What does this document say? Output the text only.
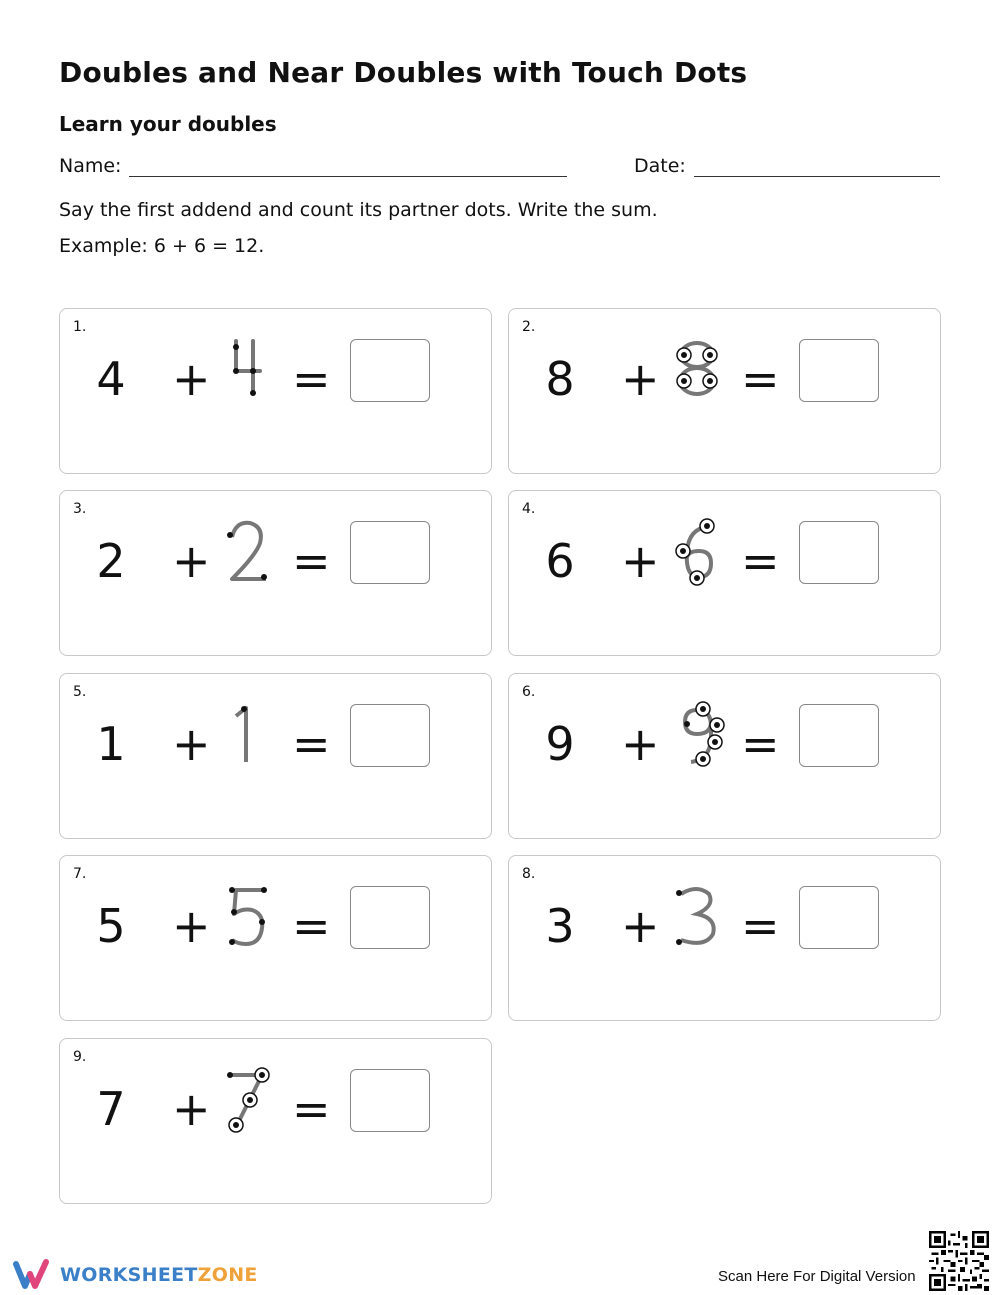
Doubles and Near Doubles with Touch Dots
Learn your doubles
Name:	Date:
Say the first addend and count its partner dots. Write the sum.
Example: 6 + 6 = 12.
1.
4 + =
2.
8 + =
3.
2 + =
4.
6 + =
5.
1 + =
6.
9 + =
7.
5 + =
8.
3 + =
9.
7 + =
WORKSHEETZONE	Scan Here For Digital Version
